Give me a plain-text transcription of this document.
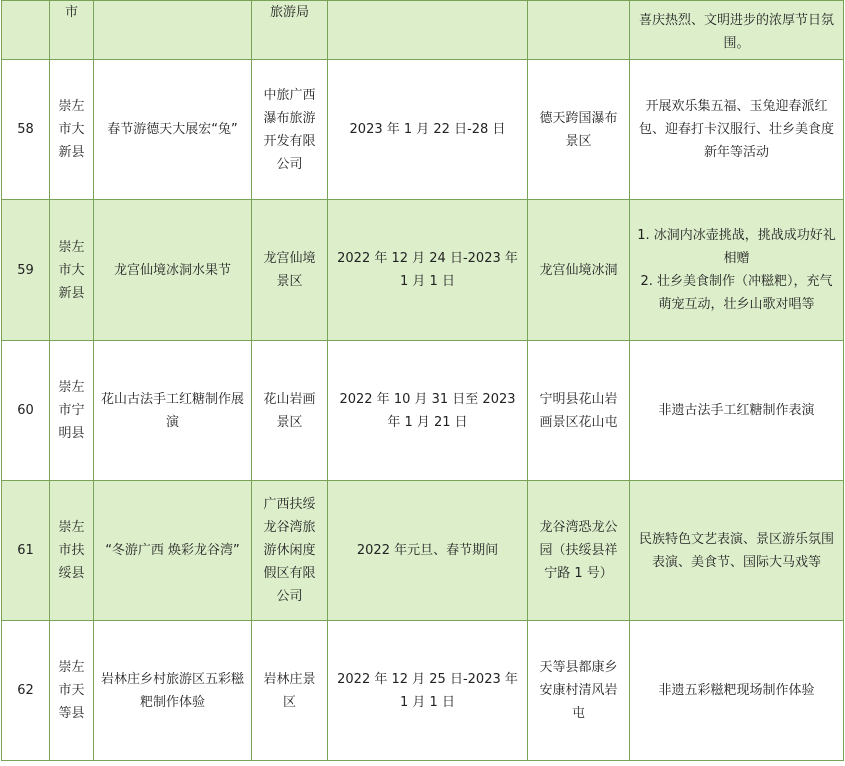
	市		旅游局			喜庆热烈、文明进步的浓厚节日氛围。
58	崇左市大新县	春节游德天大展宏“兔”	中旅广西瀑布旅游开发有限公司	2023 年 1 月 22 日-28 日	德天跨国瀑布景区	开展欢乐集五福、玉兔迎春派红包、迎春打卡汉服行、壮乡美食度新年等活动
59	崇左市大新县	龙宫仙境冰洞水果节	龙宫仙境景区	2022 年 12 月 24 日-2023 年 1 月 1 日	龙宫仙境冰洞	1. 冰洞内冰壶挑战，挑战成功好礼相赠
2. 壮乡美食制作（冲糍粑），充气萌宠互动，壮乡山歌对唱等
60	崇左市宁明县	花山古法手工红糖制作展演	花山岩画景区	2022 年 10 月 31 日至 2023 年 1 月 21 日	宁明县花山岩画景区花山屯	非遗古法手工红糖制作表演
61	崇左市扶绥县	“冬游广西 焕彩龙谷湾”	广西扶绥龙谷湾旅游休闲度假区有限公司	2022 年元旦、春节期间	龙谷湾恐龙公园（扶绥县祥宁路 1 号）	民族特色文艺表演、景区游乐氛围表演、美食节、国际大马戏等
62	崇左市天等县	岩林庄乡村旅游区五彩糍粑制作体验	岩林庄景区	2022 年 12 月 25 日-2023 年 1 月 1 日	天等县都康乡安康村清风岩屯	非遗五彩糍粑现场制作体验
